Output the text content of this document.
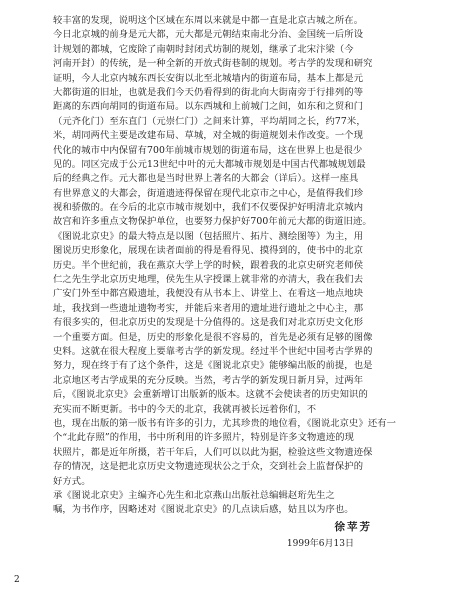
较丰富的发现，说明这个区域在东周以来就是中都一直是北京古城之所在。
今日北京城的前身是元大都，元大都是元朝结束南北分治、金国统一后所设
计规划的都城，它废除了南朝时封闭式坊制的规划，继承了北宋汴梁（今
河南开封）的传统，是一种全新的开放式街巷制的规划。考古学的发现和研究
证明，今人北京内城东西长安街以北至北城墙内的街道布局，基本上都是元
大都街道的旧址，也就是我们今天仍看得到的街北向大街南旁于行排列的等
距离的东西向胡同的街道布局。以东西城和上前城门之间，如东和之贸和门
（元齐化门）至东直门（元崇仁门）之间来计算，平均胡同之长，约77米，
米，胡同两代主要是改建布局、草城，对全城的街道规划未作改变。一个现
代化的城市中内保留有700年前城市规划的街道布局，这在世界上也是很少
见的。同区完成于公元13世纪中叶的元大都城市规划是中国古代都城规划最
后的经典之作。元大都也是当时世界上著名的大都会（详后）。这样一座具
有世界意义的大都会，街道遗迹得保留在现代北京市之中心，是值得我们珍
视和骄傲的。在今后的北京市城市规划中，我们不仅要保护好明清北京城内
故宫和许多重点文物保护单位，也要努力保护好700年前元大都的街道旧迹。
《图说北京史》的最大特点是以图（包括照片、拓片、测绘图等）为主，用
图说历史形象化，展现在读者面前的得是看得见、摸得到的，使书中的北京
历史。半个世纪前，我在燕京大学上学的时候，跟着我的北京史研究老师侯
仁之先生学北京历史地理，侯先生从字授课上就非常的亦清大，我在我们去
广安门外至中都宫殿遗址，我便没有从书本上、讲堂上、在看这一地点地块
址，我找到一些遗址遗物考实，并能后来者用的遗址进行遗址之中心主，那
有很多实的，但北京历史的发现是十分值得的。这是我们对北京历史文化形
一个重要方面。但是，历史的形象化是很不容易的，首先是必须有足够的图像
史料。这就在很大程度上要靠考古学的新发现。经过半个世纪中国考古学界的
努力，现在终于有了这个条件，这是《图说北京史》能够编出版的前提，也是
北京地区考古学成果的充分反映。当然，考古学的新发现日新月异，过两年
后，《图说北京史》会重新增订出版新的版本。这就不会使读者的历史知识的
充实而不断更新。书中的今天的北京，我就再被长远着你们，不
也，现在出版的第一版书有许多的引力，尤其珍贵的地位看，《图说北京史》还有一
个“北此存照”的作用，书中所利用的许多照片，特别是许多文物遗迹的现
状照片，都是近年所摄，若干年后，人们可以以此为据，检验这些文物遗迹保
存的情况，这是把北京历史文物遗迹现状公之于众，交到社会上监督保护的
好方式。

承《图说北京史》主编齐心先生和北京燕山出版社总编辑赵珩先生之
嘱，为书作序，因略述对《图说北京史》的几点读后感，姑且以为序也。

徐苹芳
1999年6月13日
2
